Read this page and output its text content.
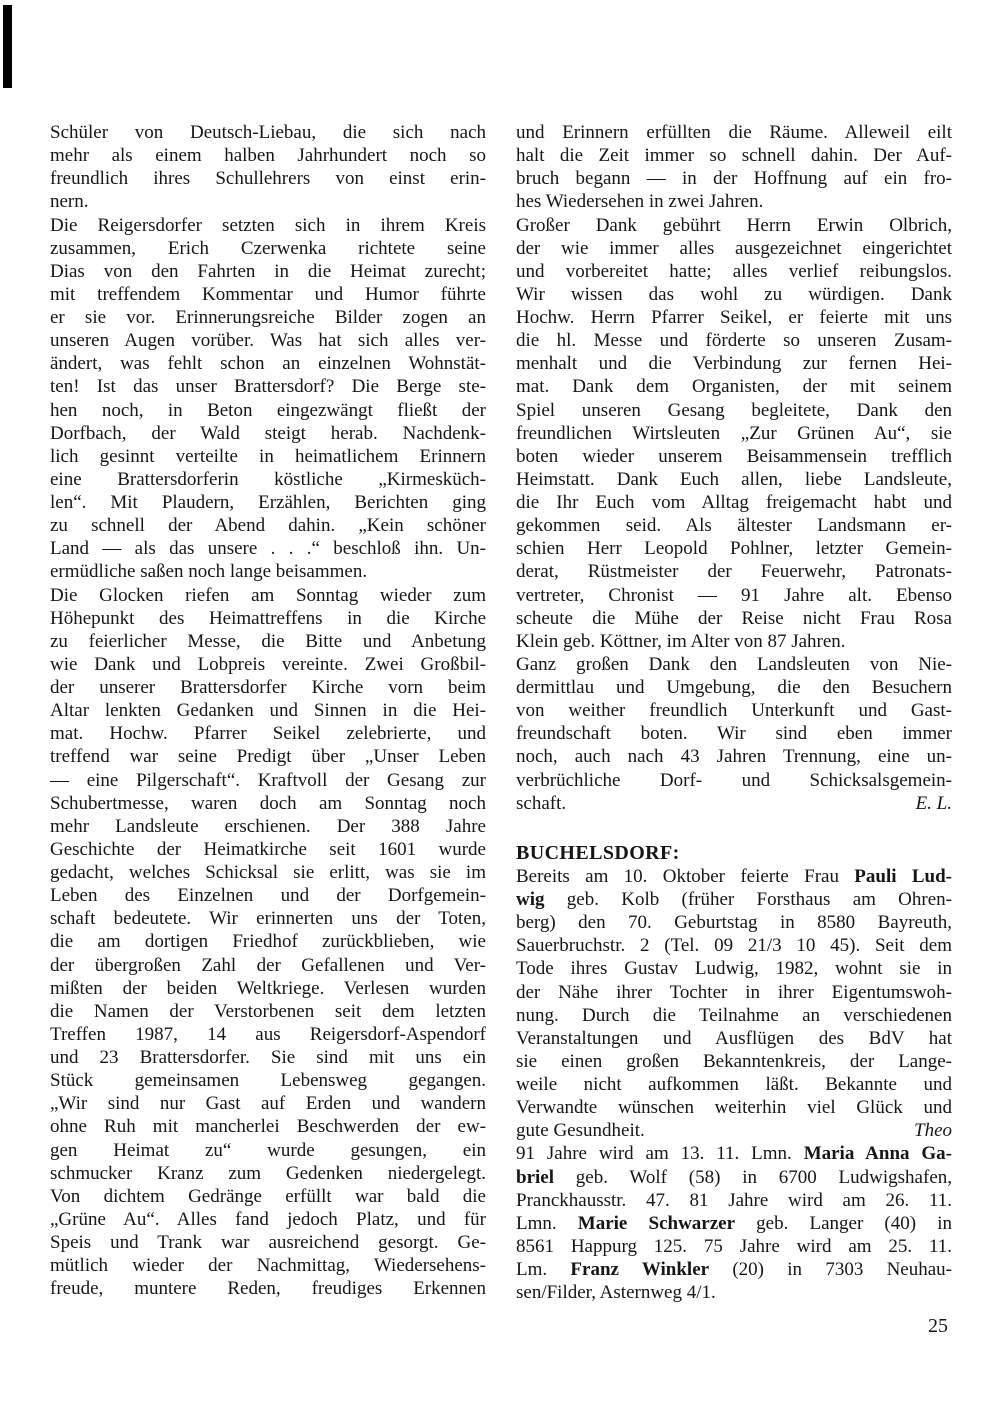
Schüler von Deutsch-Liebau, die sich nach
mehr als einem halben Jahrhundert noch so
freundlich ihres Schullehrers von einst erin-
nern.
Die Reigersdorfer setzten sich in ihrem Kreis
zusammen, Erich Czerwenka richtete seine
Dias von den Fahrten in die Heimat zurecht;
mit treffendem Kommentar und Humor führte
er sie vor. Erinnerungsreiche Bilder zogen an
unseren Augen vorüber. Was hat sich alles ver-
ändert, was fehlt schon an einzelnen Wohnstät-
ten! Ist das unser Brattersdorf? Die Berge ste-
hen noch, in Beton eingezwängt fließt der
Dorfbach, der Wald steigt herab. Nachdenk-
lich gesinnt verteilte in heimatlichem Erinnern
eine Brattersdorferin köstliche „Kirmesküch-
len“. Mit Plaudern, Erzählen, Berichten ging
zu schnell der Abend dahin. „Kein schöner
Land — als das unsere . . .“ beschloß ihn. Un-
ermüdliche saßen noch lange beisammen.
Die Glocken riefen am Sonntag wieder zum
Höhepunkt des Heimattreffens in die Kirche
zu feierlicher Messe, die Bitte und Anbetung
wie Dank und Lobpreis vereinte. Zwei Großbil-
der unserer Brattersdorfer Kirche vorn beim
Altar lenkten Gedanken und Sinnen in die Hei-
mat. Hochw. Pfarrer Seikel zelebrierte, und
treffend war seine Predigt über „Unser Leben
— eine Pilgerschaft“. Kraftvoll der Gesang zur
Schubertmesse, waren doch am Sonntag noch
mehr Landsleute erschienen. Der 388 Jahre
Geschichte der Heimatkirche seit 1601 wurde
gedacht, welches Schicksal sie erlitt, was sie im
Leben des Einzelnen und der Dorfgemein-
schaft bedeutete. Wir erinnerten uns der Toten,
die am dortigen Friedhof zurückblieben, wie
der übergroßen Zahl der Gefallenen und Ver-
mißten der beiden Weltkriege. Verlesen wurden
die Namen der Verstorbenen seit dem letzten
Treffen 1987, 14 aus Reigersdorf-Aspendorf
und 23 Brattersdorfer. Sie sind mit uns ein
Stück gemeinsamen Lebensweg gegangen.
„Wir sind nur Gast auf Erden und wandern
ohne Ruh mit mancherlei Beschwerden der ew-
gen Heimat zu“ wurde gesungen, ein
schmucker Kranz zum Gedenken niedergelegt.
Von dichtem Gedränge erfüllt war bald die
„Grüne Au“. Alles fand jedoch Platz, und für
Speis und Trank war ausreichend gesorgt. Ge-
mütlich wieder der Nachmittag, Wiedersehens-
freude, muntere Reden, freudiges Erkennen
und Erinnern erfüllten die Räume. Alleweil eilt
halt die Zeit immer so schnell dahin. Der Auf-
bruch begann — in der Hoffnung auf ein fro-
hes Wiedersehen in zwei Jahren.
Großer Dank gebührt Herrn Erwin Olbrich,
der wie immer alles ausgezeichnet eingerichtet
und vorbereitet hatte; alles verlief reibungslos.
Wir wissen das wohl zu würdigen. Dank
Hochw. Herrn Pfarrer Seikel, er feierte mit uns
die hl. Messe und förderte so unseren Zusam-
menhalt und die Verbindung zur fernen Hei-
mat. Dank dem Organisten, der mit seinem
Spiel unseren Gesang begleitete, Dank den
freundlichen Wirtsleuten „Zur Grünen Au“, sie
boten wieder unserem Beisammensein trefflich
Heimstatt. Dank Euch allen, liebe Landsleute,
die Ihr Euch vom Alltag freigemacht habt und
gekommen seid. Als ältester Landsmann er-
schien Herr Leopold Pohlner, letzter Gemein-
derat, Rüstmeister der Feuerwehr, Patronats-
vertreter, Chronist — 91 Jahre alt. Ebenso
scheute die Mühe der Reise nicht Frau Rosa
Klein geb. Köttner, im Alter von 87 Jahren.
Ganz großen Dank den Landsleuten von Nie-
dermittlau und Umgebung, die den Besuchern
von weither freundlich Unterkunft und Gast-
freundschaft boten. Wir sind eben immer
noch, auch nach 43 Jahren Trennung, eine un-
verbrüchliche Dorf- und Schicksalsgemein-
schaft.	E. L.
BUCHELSDORF:
Bereits am 10. Oktober feierte Frau Pauli Lud-
wig geb. Kolb (früher Forsthaus am Ohren-
berg) den 70. Geburtstag in 8580 Bayreuth,
Sauerbruchstr. 2 (Tel. 09 21/3 10 45). Seit dem
Tode ihres Gustav Ludwig, 1982, wohnt sie in
der Nähe ihrer Tochter in ihrer Eigentumswoh-
nung. Durch die Teilnahme an verschiedenen
Veranstaltungen und Ausflügen des BdV hat
sie einen großen Bekanntenkreis, der Lange-
weile nicht aufkommen läßt. Bekannte und
Verwandte wünschen weiterhin viel Glück und
gute Gesundheit.	Theo
91 Jahre wird am 13. 11. Lmn. Maria Anna Ga-
briel geb. Wolf (58) in 6700 Ludwigshafen,
Pranckhausstr. 47. 81 Jahre wird am 26. 11.
Lmn. Marie Schwarzer geb. Langer (40) in
8561 Happurg 125. 75 Jahre wird am 25. 11.
Lm. Franz Winkler (20) in 7303 Neuhau-
sen/Filder, Asternweg 4/1.
25
